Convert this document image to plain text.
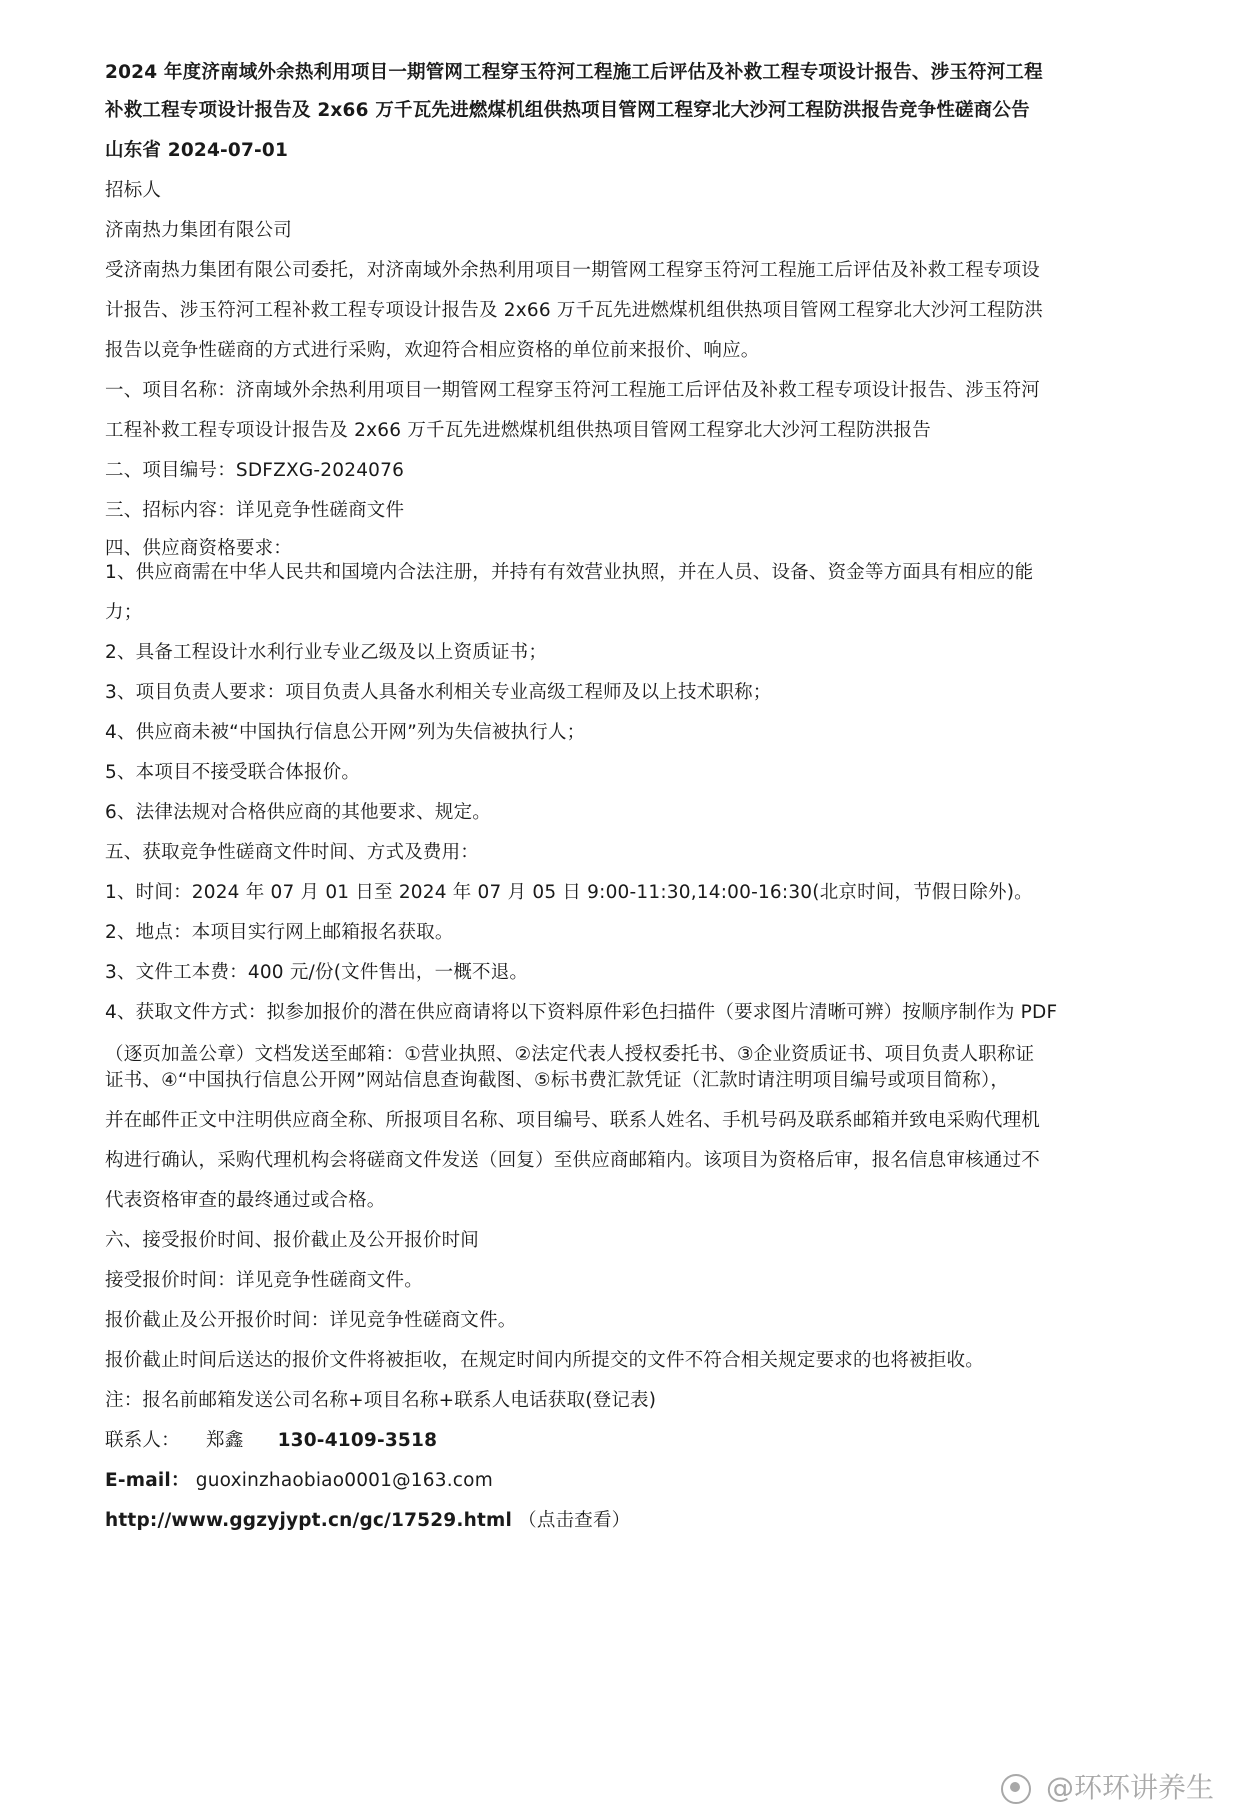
2024 年度济南域外余热利用项目一期管网工程穿玉符河工程施工后评估及补救工程专项设计报告、涉玉符河工程
补救工程专项设计报告及 2x66 万千瓦先进燃煤机组供热项目管网工程穿北大沙河工程防洪报告竞争性磋商公告
山东省 2024-07-01
招标人
济南热力集团有限公司
受济南热力集团有限公司委托，对济南域外余热利用项目一期管网工程穿玉符河工程施工后评估及补救工程专项设
计报告、涉玉符河工程补救工程专项设计报告及 2x66 万千瓦先进燃煤机组供热项目管网工程穿北大沙河工程防洪
报告以竞争性磋商的方式进行采购，欢迎符合相应资格的单位前来报价、响应。
一、项目名称：济南域外余热利用项目一期管网工程穿玉符河工程施工后评估及补救工程专项设计报告、涉玉符河
工程补救工程专项设计报告及 2x66 万千瓦先进燃煤机组供热项目管网工程穿北大沙河工程防洪报告
二、项目编号：SDFZXG-2024076
三、招标内容：详见竞争性磋商文件
四、供应商资格要求：
1、供应商需在中华人民共和国境内合法注册，并持有有效营业执照，并在人员、设备、资金等方面具有相应的能
力；
2、具备工程设计水利行业专业乙级及以上资质证书；
3、项目负责人要求：项目负责人具备水利相关专业高级工程师及以上技术职称；
4、供应商未被“中国执行信息公开网”列为失信被执行人；
5、本项目不接受联合体报价。
6、法律法规对合格供应商的其他要求、规定。
五、获取竞争性磋商文件时间、方式及费用：
1、时间：2024 年 07 月 01 日至 2024 年 07 月 05 日 9:00-11:30,14:00-16:30(北京时间，节假日除外)。
2、地点：本项目实行网上邮箱报名获取。
3、文件工本费：400 元/份(文件售出，一概不退。
4、获取文件方式：拟参加报价的潜在供应商请将以下资料原件彩色扫描件（要求图片清晰可辨）按顺序制作为 PDF
（逐页加盖公章）文档发送至邮箱：①营业执照、②法定代表人授权委托书、③企业资质证书、项目负责人职称证
证书、④“中国执行信息公开网”网站信息查询截图、⑤标书费汇款凭证（汇款时请注明项目编号或项目简称），
并在邮件正文中注明供应商全称、所报项目名称、项目编号、联系人姓名、手机号码及联系邮箱并致电采购代理机
构进行确认，采购代理机构会将磋商文件发送（回复）至供应商邮箱内。该项目为资格后审，报名信息审核通过不
代表资格审查的最终通过或合格。
六、接受报价时间、报价截止及公开报价时间
接受报价时间：详见竞争性磋商文件。
报价截止及公开报价时间：详见竞争性磋商文件。
报价截止时间后送达的报价文件将被拒收，在规定时间内所提交的文件不符合相关规定要求的也将被拒收。
注：报名前邮箱发送公司名称+项目名称+联系人电话获取(登记表)
联系人： 郑鑫 130-4109-3518
E-mail： guoxinzhaobiao0001@163.com
http://www.ggzyjypt.cn/gc/17529.html （点击查看）
@环环讲养生
